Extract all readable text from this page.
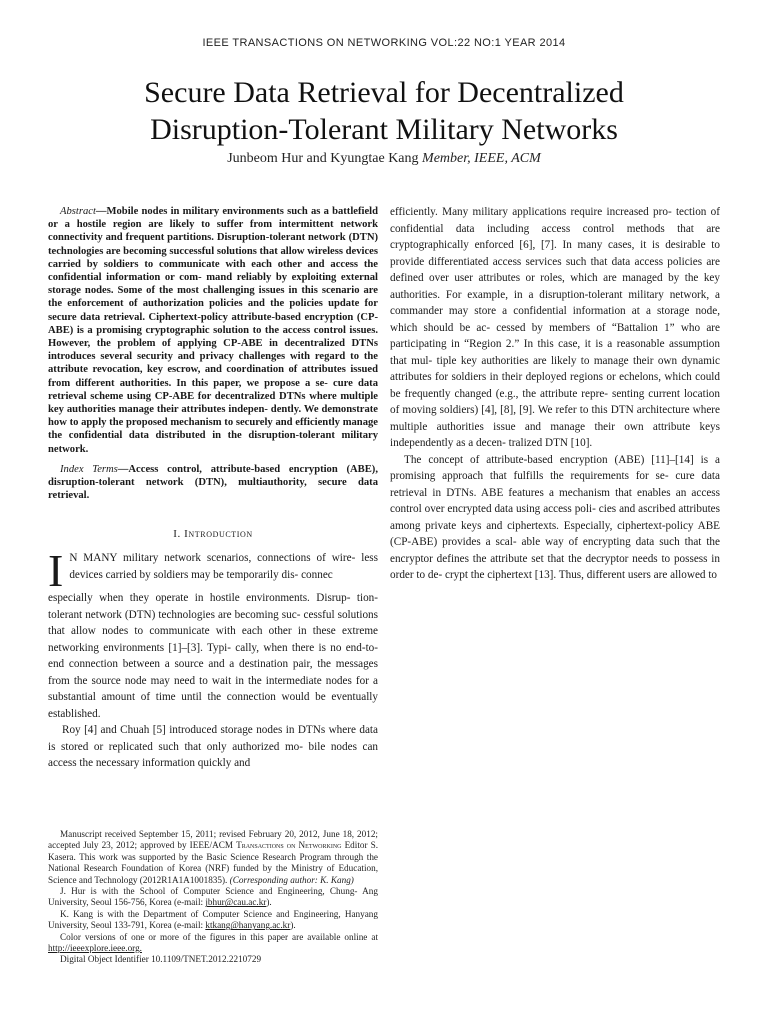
IEEE TRANSACTIONS ON NETWORKING VOL:22 NO:1 YEAR 2014
Secure Data Retrieval for Decentralized
Disruption-Tolerant Military Networks
Junbeom Hur and Kyungtae Kang Member, IEEE, ACM

Abstract—Mobile nodes in military environments such as a battlefield or a hostile region are likely to suffer from intermittent network connectivity and frequent partitions. Disruption-tolerant network (DTN) technologies are becoming successful solutions that allow wireless devices carried by soldiers to communicate with each other and access the confidential information or com- mand reliably by exploiting external storage nodes. Some of the most challenging issues in this scenario are the enforcement of authorization policies and the policies update for secure data retrieval. Ciphertext-policy attribute-based encryption (CP-ABE) is a promising cryptographic solution to the access control issues. However, the problem of applying CP-ABE in decentralized DTNs introduces several security and privacy challenges with regard to the attribute revocation, key escrow, and coordination of attributes issued from different authorities. In this paper, we propose a se- cure data retrieval scheme using CP-ABE for decentralized DTNs where multiple key authorities manage their attributes indepen- dently. We demonstrate how to apply the proposed mechanism to securely and efficiently manage the confidential data distributed in the disruption-tolerant military network.

Index Terms—Access control, attribute-based encryption (ABE), disruption-tolerant network (DTN), multiauthority, secure data retrieval.

I. Introduction

I N MANY military network scenarios, connections of wire- less devices carried by soldiers may be temporarily dis- connec

especially when they operate in hostile environments. Disrup- tion-tolerant network (DTN) technologies are becoming suc- cessful solutions that allow nodes to communicate with each other in these extreme networking environments [1]–[3]. Typi- cally, when there is no end-to-end connection between a source and a destination pair, the messages from the source node may need to wait in the intermediate nodes for a substantial amount of time until the connection would be eventually established.

Roy [4] and Chuah [5] introduced storage nodes in DTNs where data is stored or replicated such that only authorized mo- bile nodes can access the necessary information quickly and

Manuscript received September 15, 2011; revised February 20, 2012, June 18, 2012; accepted July 23, 2012; approved by IEEE/ACM Transactions on Networking Editor S. Kasera. This work was supported by the Basic Science Research Program through the National Research Foundation of Korea (NRF) funded by the Ministry of Education, Science and Technology (2012R1A1A1001835). (Corresponding author: K. Kang)

J. Hur is with the School of Computer Science and Engineering, Chung- Ang University, Seoul 156-756, Korea (e-mail: jbhur@cau.ac.kr).

K. Kang is with the Department of Computer Science and Engineering, Hanyang University, Seoul 133-791, Korea (e-mail: ktkang@hanyang.ac.kr).

Color versions of one or more of the figures in this paper are available online at http://ieeexplore.ieee.org.

Digital Object Identifier 10.1109/TNET.2012.2210729

efficiently. Many military applications require increased pro- tection of confidential data including access control methods that are cryptographically enforced [6], [7]. In many cases, it is desirable to provide differentiated access services such that data access policies are defined over user attributes or roles, which are managed by the key authorities. For example, in a disruption-tolerant military network, a commander may store a confidential information at a storage node, which should be ac- cessed by members of “Battalion 1” who are participating in “Region 2.” In this case, it is a reasonable assumption that mul- tiple key authorities are likely to manage their own dynamic attributes for soldiers in their deployed regions or echelons, which could be frequently changed (e.g., the attribute repre- senting current location of moving soldiers) [4], [8], [9]. We refer to this DTN architecture where multiple authorities issue and manage their own attribute keys independently as a decen- tralized DTN [10].

The concept of attribute-based encryption (ABE) [11]–[14] is a promising approach that fulfills the requirements for se- cure data retrieval in DTNs. ABE features a mechanism that enables an access control over encrypted data using access poli- cies and ascribed attributes among private keys and ciphertexts. Especially, ciphertext-policy ABE (CP-ABE) provides a scal- able way of encrypting data such that the encryptor defines the attribute set that the decryptor needs to possess in order to de- crypt the ciphertext [13]. Thus, different users are allowed to
